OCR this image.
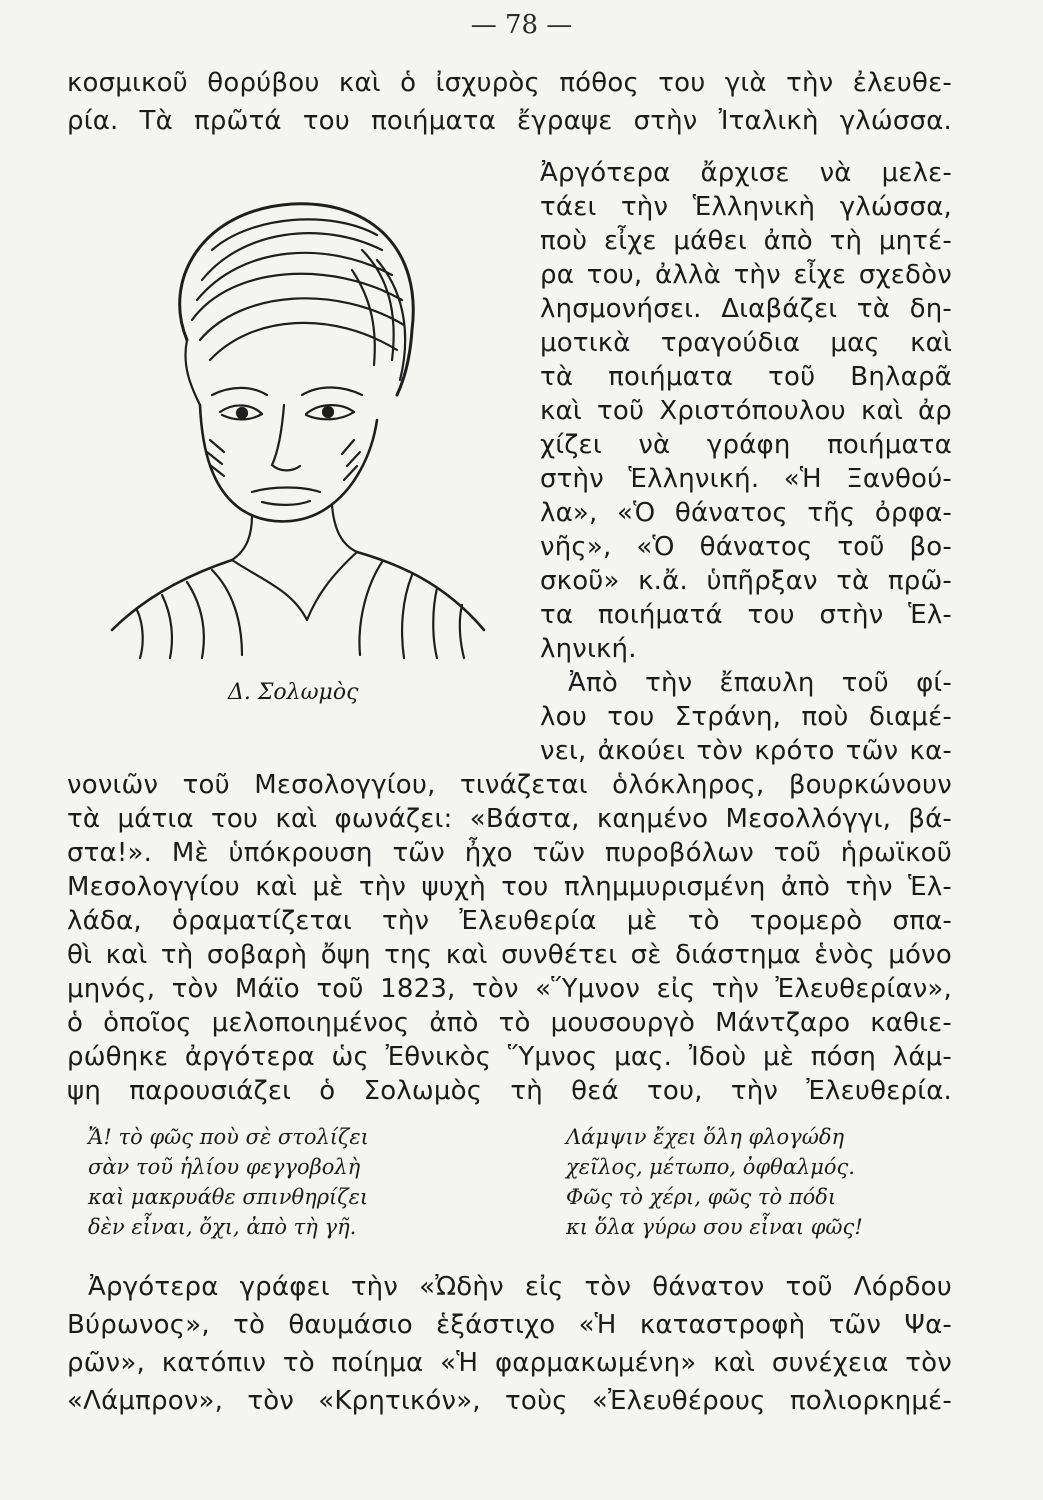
— 78 —
κοσμικοῦ θορύβου καὶ ὁ ἰσχυρὸς πόθος του γιὰ τὴν ἐλευθε-
ρία. Τὰ πρῶτά του ποιήματα ἔγραψε στὴν Ἰταλικὴ γλώσσα.
Ἀργότερα ἄρχισε νὰ μελε-
τάει τὴν Ἑλληνικὴ γλώσσα,
ποὺ εἶχε μάθει ἀπὸ τὴ μητέ-
ρα του, ἀλλὰ τὴν εἶχε σχεδὸν
λησμονήσει. Διαβάζει τὰ δη-
μοτικὰ τραγούδια μας καὶ
τὰ ποιήματα τοῦ Βηλαρᾶ
καὶ τοῦ Χριστόπουλου καὶ ἀρ
χίζει νὰ γράφη ποιήματα
στὴν Ἑλληνική. «Ἡ Ξανθού-
λα», «Ὁ θάνατος τῆς ὀρφα-
νῆς», «Ὁ θάνατος τοῦ βο-
σκοῦ» κ.ἄ. ὑπῆρξαν τὰ πρῶ-
τα ποιήματά του στὴν Ἑλ-
ληνική.
Ἀπὸ τὴν ἔπαυλη τοῦ φί-
λου του Στράνη, ποὺ διαμέ-
νει, ἀκούει τὸν κρότο τῶν κα-
νονιῶν τοῦ Μεσολογγίου, τινάζεται ὁλόκληρος, βουρκώνουν
τὰ μάτια του καὶ φωνάζει: «Βάστα, καημένο Μεσολλόγγι, βά-
στα!». Μὲ ὑπόκρουση τῶν ἦχο τῶν πυροβόλων τοῦ ἡρωϊκοῦ
Μεσολογγίου καὶ μὲ τὴν ψυχὴ του πλημμυρισμένη ἀπὸ τὴν Ἑλ-
λάδα, ὁραματίζεται τὴν Ἐλευθερία μὲ τὸ τρομερὸ σπα-
θὶ καὶ τὴ σοβαρὴ ὄψη της καὶ συνθέτει σὲ διάστημα ἑνὸς μόνο
μηνός, τὸν Μάϊο τοῦ 1823, τὸν «Ὕμνον εἰς τὴν Ἐλευθερίαν»,
ὁ ὁποῖος μελοποιημένος ἀπὸ τὸ μουσουργὸ Μάντζαρο καθιε-
ρώθηκε ἀργότερα ὡς Ἐθνικὸς Ὕμνος μας. Ἰδοὺ μὲ πόση λάμ-
ψη παρουσιάζει ὁ Σολωμὸς τὴ θεά του, τὴν Ἐλευθερία.
Ἄ! τὸ φῶς ποὺ σὲ στολίζει
σὰν τοῦ ἡλίου φεγγοβολὴ
καὶ μακρυάθε σπινθηρίζει
δὲν εἶναι, ὄχι, ἀπὸ τὴ γῆ.
Λάμψιν ἔχει ὅλη φλογώδη
χεῖλος, μέτωπο, ὀφθαλμός.
Φῶς τὸ χέρι, φῶς τὸ πόδι
κι ὅλα γύρω σου εἶναι φῶς!
Δ. Σολωμὸς
Ἀργότερα γράφει τὴν «Ὠδὴν εἰς τὸν θάνατον τοῦ Λόρδου
Βύρωνος», τὸ θαυμάσιο ἑξάστιχο «Ἡ καταστροφὴ τῶν Ψα-
ρῶν», κατόπιν τὸ ποίημα «Ἡ φαρμακωμένη» καὶ συνέχεια τὸν
«Λάμπρον», τὸν «Κρητικόν», τοὺς «Ἐλευθέρους πολιορκημέ-
